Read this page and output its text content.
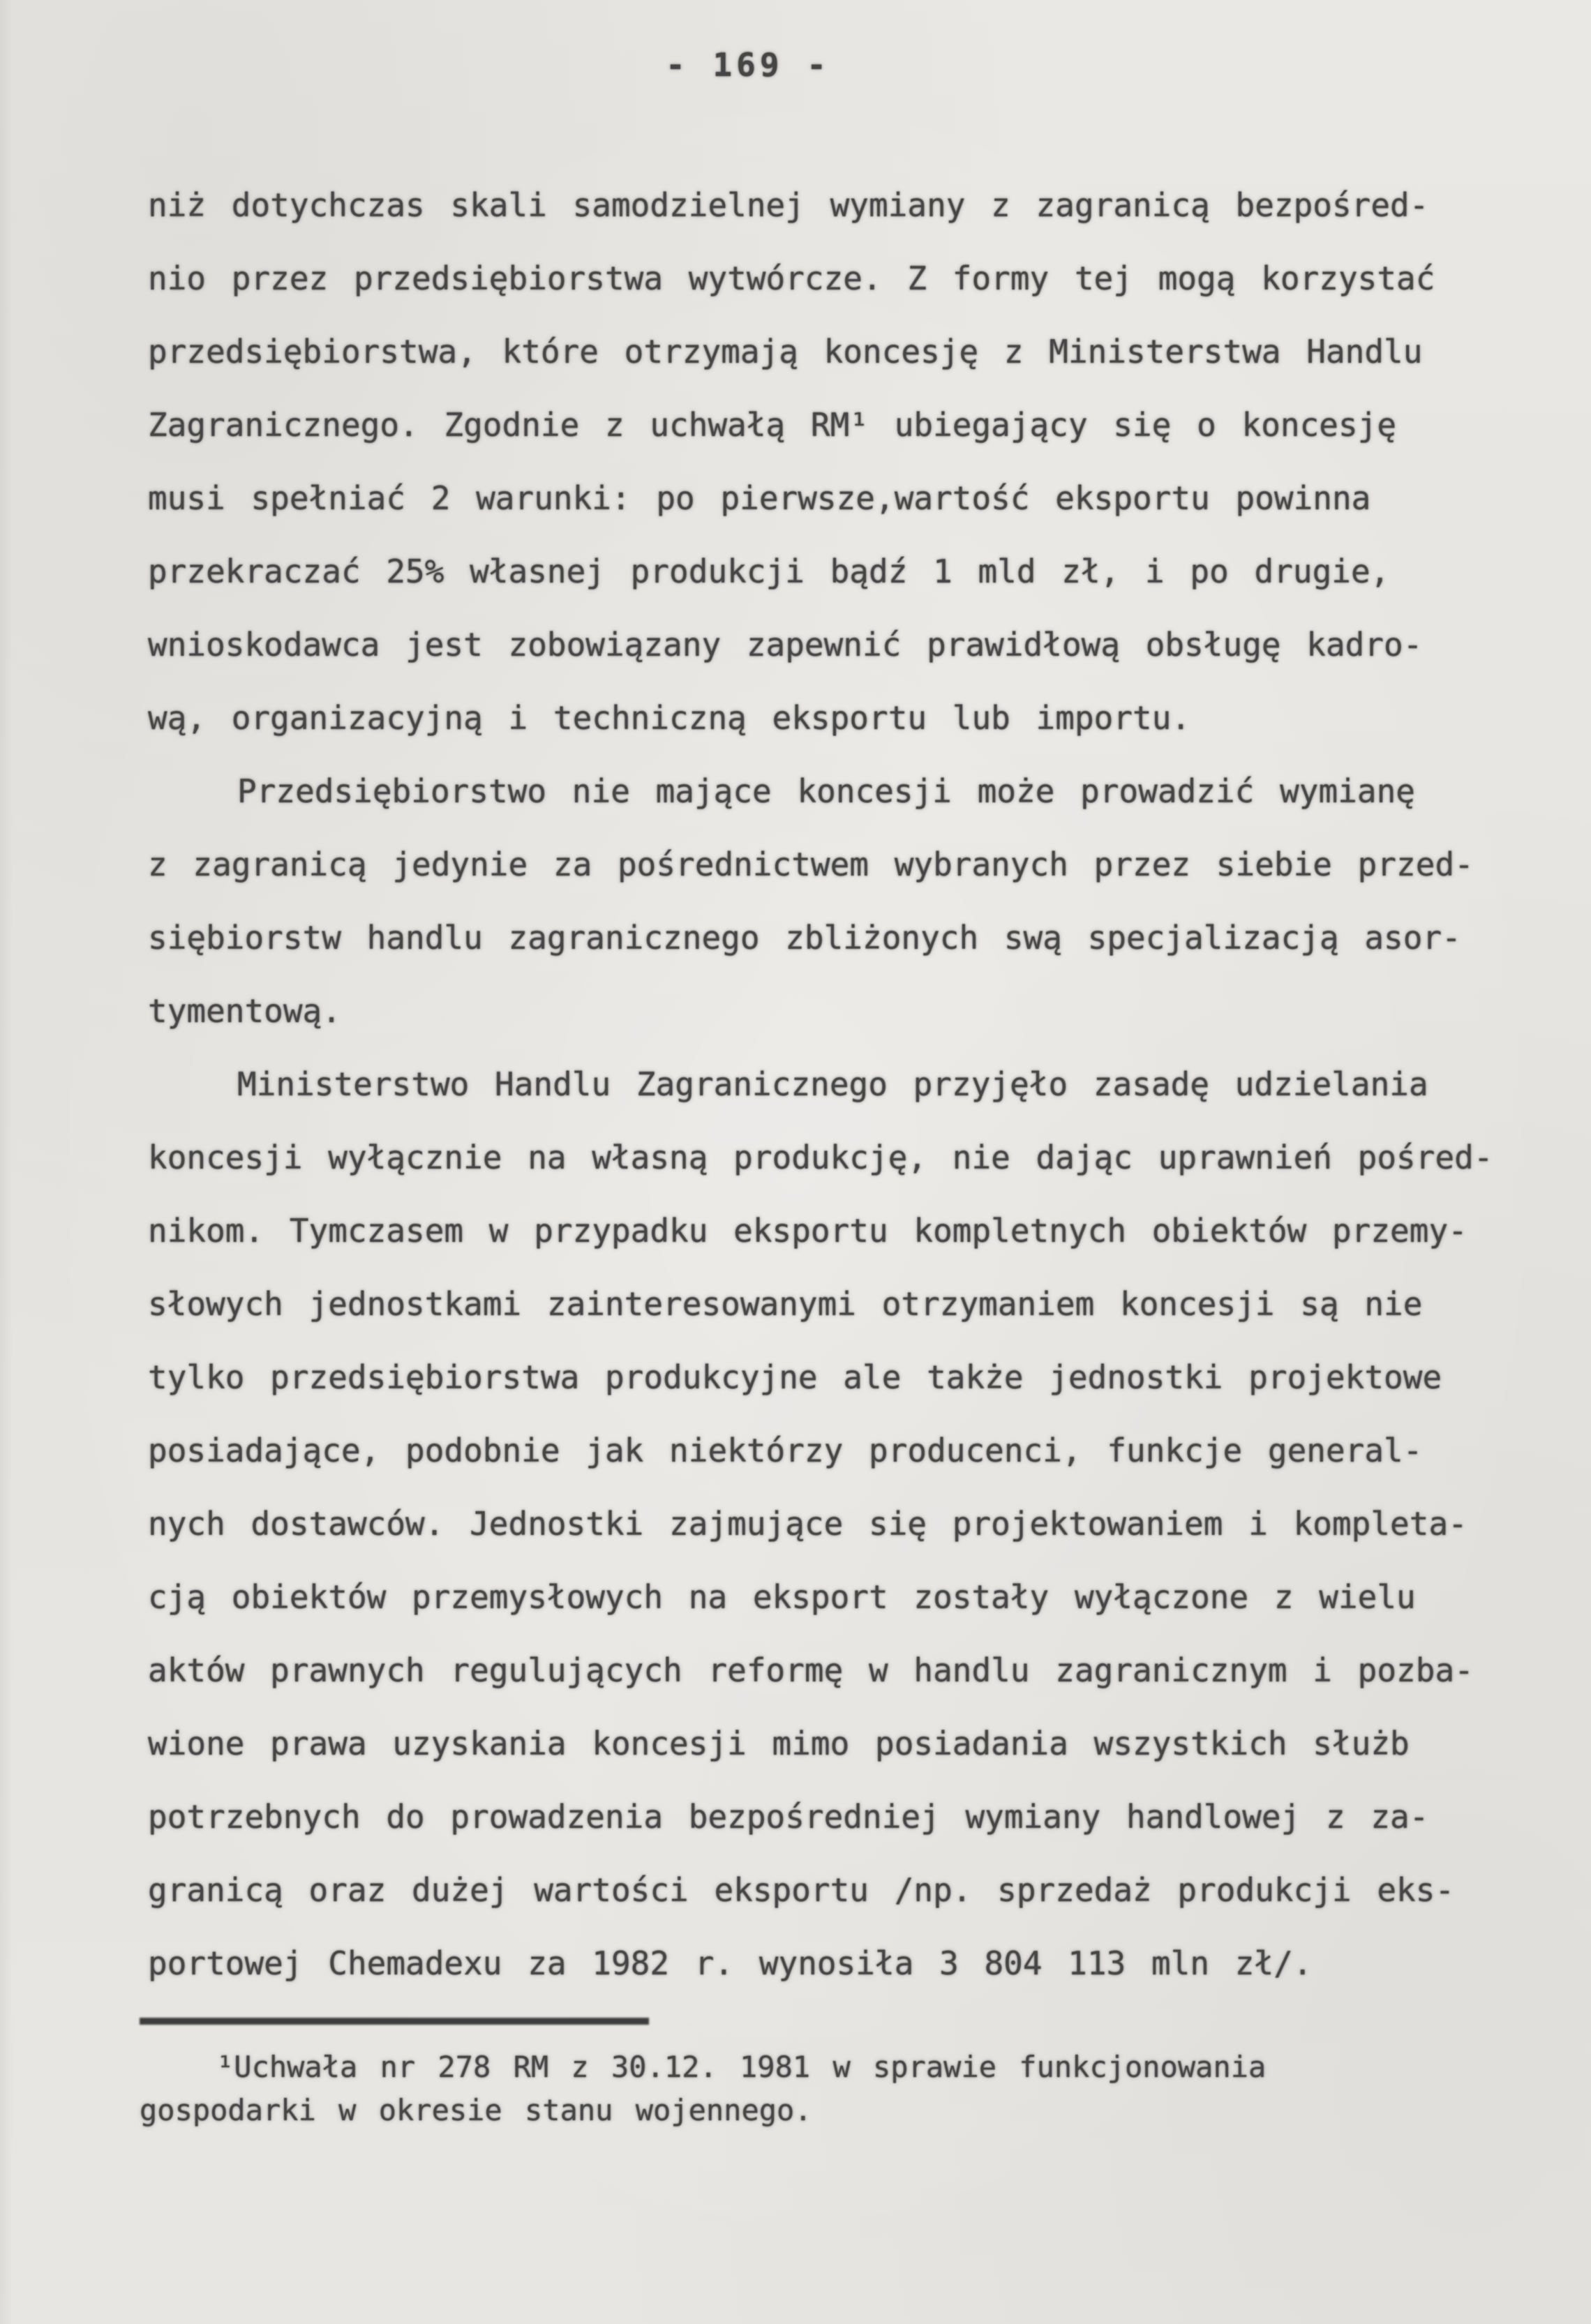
- 169 -
niż dotychczas skali samodzielnej wymiany z zagranicą bezpośred-
nio przez przedsiębiorstwa wytwórcze. Z formy tej mogą korzystać
przedsiębiorstwa, które otrzymają koncesję z Ministerstwa Handlu
Zagranicznego. Zgodnie z uchwałą RM¹ ubiegający się o koncesję
musi spełniać 2 warunki: po pierwsze,wartość eksportu powinna
przekraczać 25% własnej produkcji bądź 1 mld zł, i po drugie,
wnioskodawca jest zobowiązany zapewnić prawidłową obsługę kadro-
wą, organizacyjną i techniczną eksportu lub importu.
Przedsiębiorstwo nie mające koncesji może prowadzić wymianę
z zagranicą jedynie za pośrednictwem wybranych przez siebie przed-
siębiorstw handlu zagranicznego zbliżonych swą specjalizacją asor-
tymentową.
Ministerstwo Handlu Zagranicznego przyjęło zasadę udzielania
koncesji wyłącznie na własną produkcję, nie dając uprawnień pośred-
nikom. Tymczasem w przypadku eksportu kompletnych obiektów przemy-
słowych jednostkami zainteresowanymi otrzymaniem koncesji są nie
tylko przedsiębiorstwa produkcyjne ale także jednostki projektowe
posiadające, podobnie jak niektórzy producenci, funkcje general-
nych dostawców. Jednostki zajmujące się projektowaniem i kompleta-
cją obiektów przemysłowych na eksport zostały wyłączone z wielu
aktów prawnych regulujących reformę w handlu zagranicznym i pozba-
wione prawa uzyskania koncesji mimo posiadania wszystkich służb
potrzebnych do prowadzenia bezpośredniej wymiany handlowej z za-
granicą oraz dużej wartości eksportu /np. sprzedaż produkcji eks-
portowej Chemadexu za 1982 r. wynosiła 3 804 113 mln zł/.
¹Uchwała nr 278 RM z 30.12. 1981 w sprawie funkcjonowania
gospodarki w okresie stanu wojennego.
